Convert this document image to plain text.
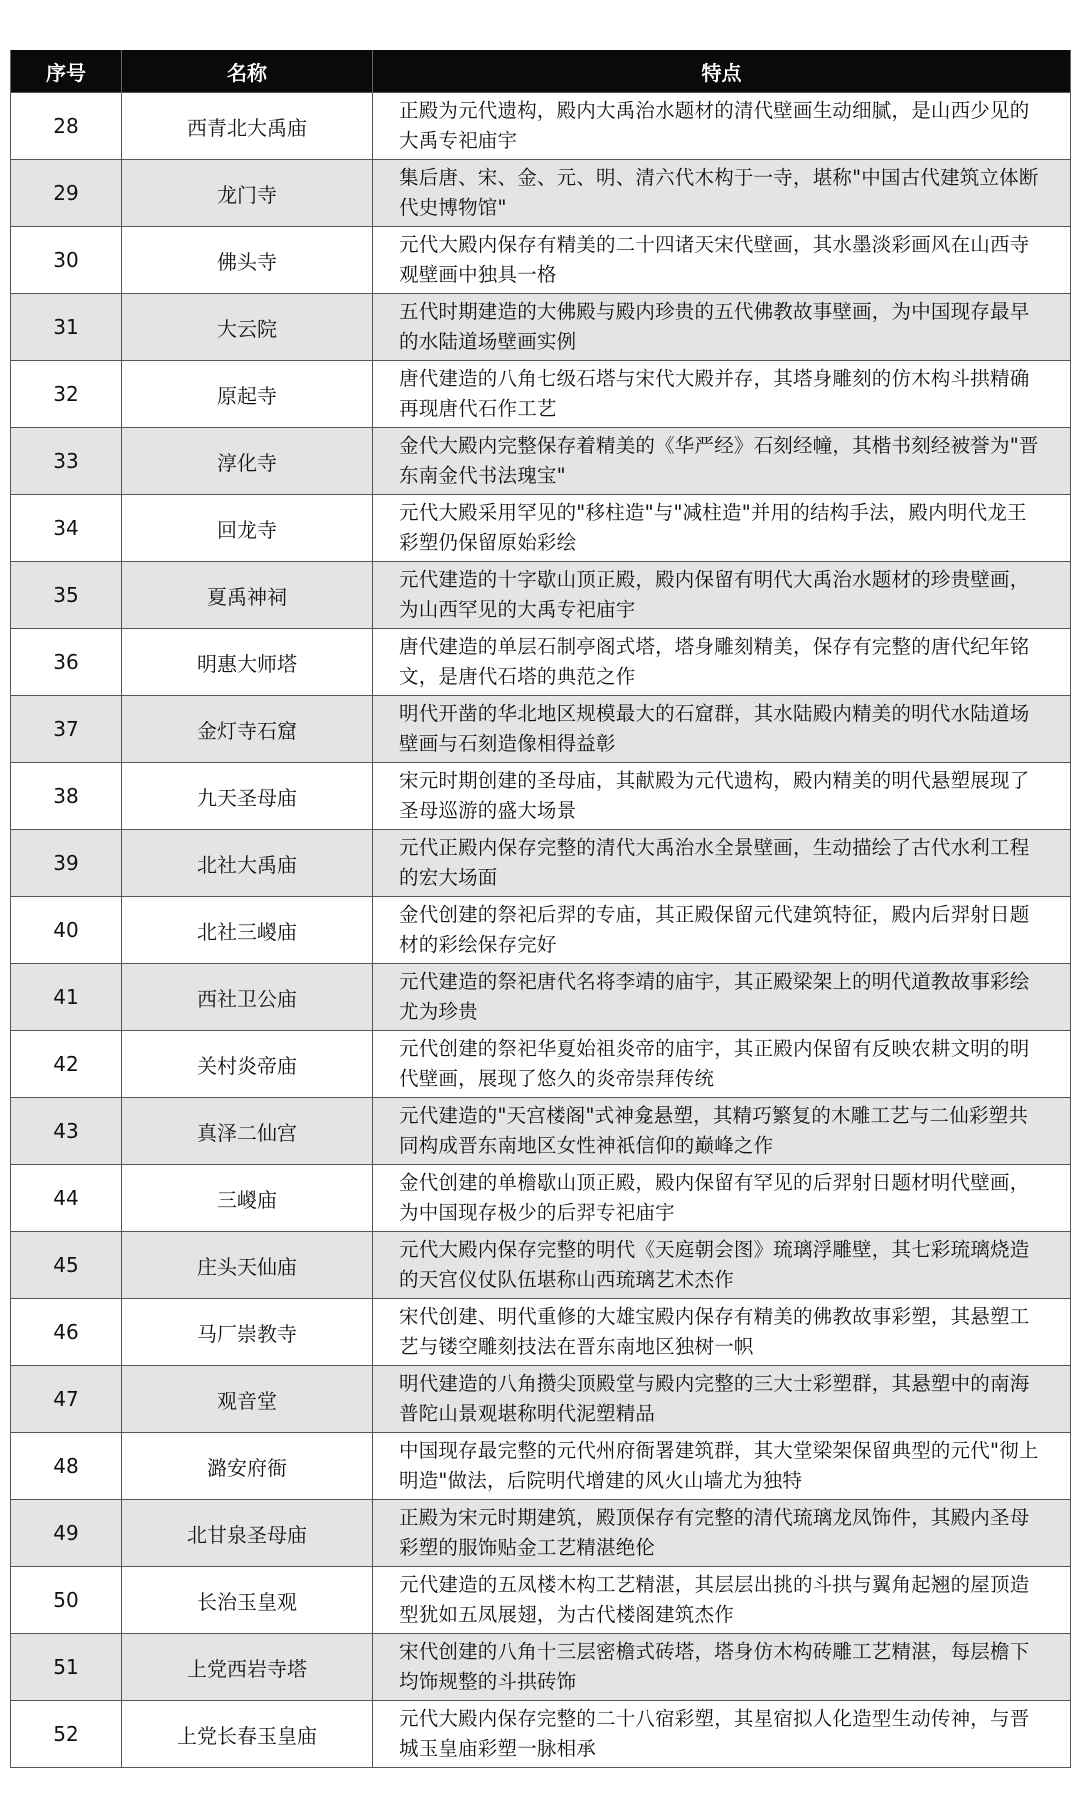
序号	名称	特点
28	西青北大禹庙	正殿为元代遗构，殿内大禹治水题材的清代壁画生动细腻，是山西少见的大禹专祀庙宇
29	龙门寺	集后唐、宋、金、元、明、清六代木构于一寺，堪称"中国古代建筑立体断代史博物馆"
30	佛头寺	元代大殿内保存有精美的二十四诸天宋代壁画，其水墨淡彩画风在山西寺观壁画中独具一格
31	大云院	五代时期建造的大佛殿与殿内珍贵的五代佛教故事壁画，为中国现存最早的水陆道场壁画实例
32	原起寺	唐代建造的八角七级石塔与宋代大殿并存，其塔身雕刻的仿木构斗拱精确再现唐代石作工艺
33	淳化寺	金代大殿内完整保存着精美的《华严经》石刻经幢，其楷书刻经被誉为"晋东南金代书法瑰宝"
34	回龙寺	元代大殿采用罕见的"移柱造"与"减柱造"并用的结构手法，殿内明代龙王彩塑仍保留原始彩绘
35	夏禹神祠	元代建造的十字歇山顶正殿，殿内保留有明代大禹治水题材的珍贵壁画，为山西罕见的大禹专祀庙宇
36	明惠大师塔	唐代建造的单层石制亭阁式塔，塔身雕刻精美，保存有完整的唐代纪年铭文，是唐代石塔的典范之作
37	金灯寺石窟	明代开凿的华北地区规模最大的石窟群，其水陆殿内精美的明代水陆道场壁画与石刻造像相得益彰
38	九天圣母庙	宋元时期创建的圣母庙，其献殿为元代遗构，殿内精美的明代悬塑展现了圣母巡游的盛大场景
39	北社大禹庙	元代正殿内保存完整的清代大禹治水全景壁画，生动描绘了古代水利工程的宏大场面
40	北社三嵕庙	金代创建的祭祀后羿的专庙，其正殿保留元代建筑特征，殿内后羿射日题材的彩绘保存完好
41	西社卫公庙	元代建造的祭祀唐代名将李靖的庙宇，其正殿梁架上的明代道教故事彩绘尤为珍贵
42	关村炎帝庙	元代创建的祭祀华夏始祖炎帝的庙宇，其正殿内保留有反映农耕文明的明代壁画，展现了悠久的炎帝崇拜传统
43	真泽二仙宫	元代建造的"天宫楼阁"式神龛悬塑，其精巧繁复的木雕工艺与二仙彩塑共同构成晋东南地区女性神祇信仰的巅峰之作
44	三嵕庙	金代创建的单檐歇山顶正殿，殿内保留有罕见的后羿射日题材明代壁画，为中国现存极少的后羿专祀庙宇
45	庄头天仙庙	元代大殿内保存完整的明代《天庭朝会图》琉璃浮雕壁，其七彩琉璃烧造的天宫仪仗队伍堪称山西琉璃艺术杰作
46	马厂崇教寺	宋代创建、明代重修的大雄宝殿内保存有精美的佛教故事彩塑，其悬塑工艺与镂空雕刻技法在晋东南地区独树一帜
47	观音堂	明代建造的八角攒尖顶殿堂与殿内完整的三大士彩塑群，其悬塑中的南海普陀山景观堪称明代泥塑精品
48	潞安府衙	中国现存最完整的元代州府衙署建筑群，其大堂梁架保留典型的元代"彻上明造"做法，后院明代增建的风火山墙尤为独特
49	北甘泉圣母庙	正殿为宋元时期建筑，殿顶保存有完整的清代琉璃龙凤饰件，其殿内圣母彩塑的服饰贴金工艺精湛绝伦
50	长治玉皇观	元代建造的五凤楼木构工艺精湛，其层层出挑的斗拱与翼角起翘的屋顶造型犹如五凤展翅，为古代楼阁建筑杰作
51	上党西岩寺塔	宋代创建的八角十三层密檐式砖塔，塔身仿木构砖雕工艺精湛，每层檐下均饰规整的斗拱砖饰
52	上党长春玉皇庙	元代大殿内保存完整的二十八宿彩塑，其星宿拟人化造型生动传神，与晋城玉皇庙彩塑一脉相承
